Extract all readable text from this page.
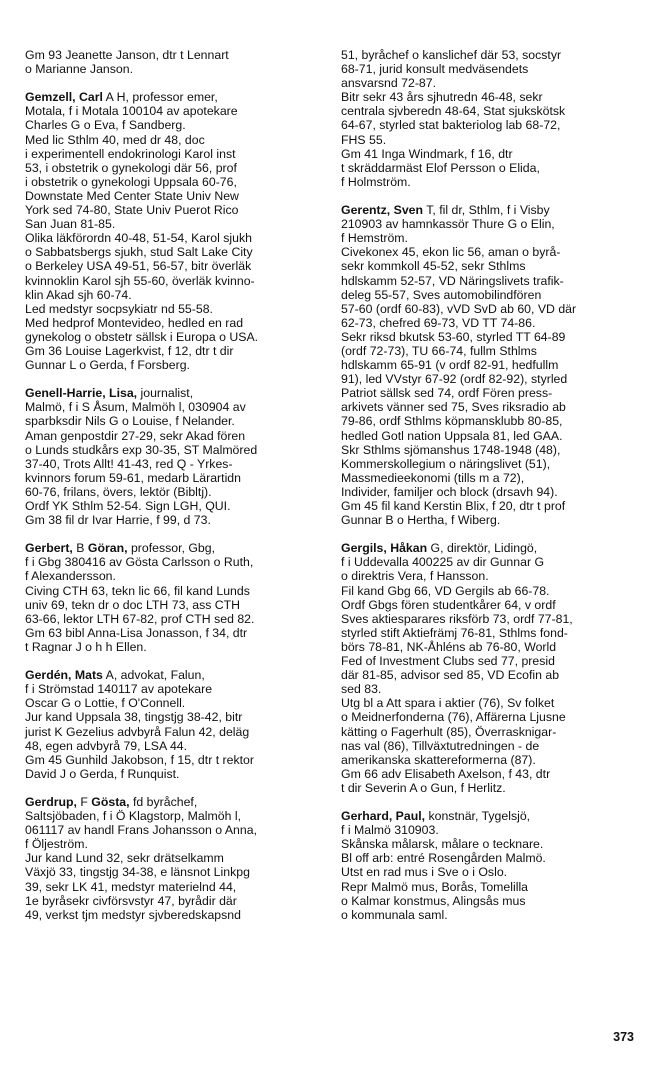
Gm 93 Jeanette Janson, dtr t Lennart
o Marianne Janson.
Gemzell, Carl A H, professor emer,
Motala, f i Motala 100104 av apotekare
Charles G o Eva, f Sandberg.
Med lic Sthlm 40, med dr 48, doc
i experimentell endokrinologi Karol inst
53, i obstetrik o gynekologi där 56, prof
i obstetrik o gynekologi Uppsala 60-76,
Downstate Med Center State Univ New
York sed 74-80, State Univ Puerot Rico
San Juan 81-85.
Olika läkförordn 40-48, 51-54, Karol sjukh
o Sabbatsbergs sjukh, stud Salt Lake City
o Berkeley USA 49-51, 56-57, bitr överläk
kvinnoklin Karol sjh 55-60, överläk kvinno-
klin Akad sjh 60-74.
Led medstyr socpsykiatr nd 55-58.
Med hedprof Montevideo, hedled en rad
gynekolog o obstetr sällsk i Europa o USA.
Gm 36 Louise Lagerkvist, f 12, dtr t dir
Gunnar L o Gerda, f Forsberg.
Genell-Harrie, Lisa, journalist,
Malmö, f i S Åsum, Malmöh l, 030904 av
sparbksdir Nils G o Louise, f Nelander.
Aman genpostdir 27-29, sekr Akad fören
o Lunds studkårs exp 30-35, ST Malmöred
37-40, Trots Allt! 41-43, red Q - Yrkes-
kvinnors forum 59-61, medarb Lärartidn
60-76, frilans, övers, lektör (Bibltj).
Ordf YK Sthlm 52-54. Sign LGH, QUI.
Gm 38 fil dr Ivar Harrie, f 99, d 73.
Gerbert, B Göran, professor, Gbg,
f i Gbg 380416 av Gösta Carlsson o Ruth,
f Alexandersson.
Civing CTH 63, tekn lic 66, fil kand Lunds
univ 69, tekn dr o doc LTH 73, ass CTH
63-66, lektor LTH 67-82, prof CTH sed 82.
Gm 63 bibl Anna-Lisa Jonasson, f 34, dtr
t Ragnar J o h h Ellen.
Gerdén, Mats A, advokat, Falun,
f i Strömstad 140117 av apotekare
Oscar G o Lottie, f O'Connell.
Jur kand Uppsala 38, tingstjg 38-42, bitr
jurist K Gezelius advbyrå Falun 42, deläg
48, egen advbyrå 79, LSA 44.
Gm 45 Gunhild Jakobson, f 15, dtr t rektor
David J o Gerda, f Runquist.
Gerdrup, F Gösta, fd byråchef,
Saltsjöbaden, f i Ö Klagstorp, Malmöh l,
061117 av handl Frans Johansson o Anna,
f Öljeström.
Jur kand Lund 32, sekr drätselkamm
Växjö 33, tingstjg 34-38, e länsnot Linkpg
39, sekr LK 41, medstyr materielnd 44,
1e byråsekr civförsvstyr 47, byrådir där
49, verkst tjm medstyr sjvberedskapsnd
51, byråchef o kanslichef där 53, socstyr
68-71, jurid konsult medväsendets
ansvarsnd 72-87.
Bitr sekr 43 års sjhutredn 46-48, sekr
centrala sjvberedn 48-64, Stat sjukskötsk
64-67, styrled stat bakteriolog lab 68-72,
FHS 55.
Gm 41 Inga Windmark, f 16, dtr
t skräddarmäst Elof Persson o Elida,
f Holmström.
Gerentz, Sven T, fil dr, Sthlm, f i Visby
210903 av hamnkassör Thure G o Elin,
f Hemström.
Civekonex 45, ekon lic 56, aman o byrå-
sekr kommkoll 45-52, sekr Sthlms
hdlskamm 52-57, VD Näringslivets trafik-
deleg 55-57, Sves automobilindfören
57-60 (ordf 60-83), vVD SvD ab 60, VD där
62-73, chefred 69-73, VD TT 74-86.
Sekr riksd bkutsk 53-60, styrled TT 64-89
(ordf 72-73), TU 66-74, fullm Sthlms
hdlskamm 65-91 (v ordf 82-91, hedfullm
91), led VVstyr 67-92 (ordf 82-92), styrled
Patriot sällsk sed 74, ordf Fören press-
arkivets vänner sed 75, Sves riksradio ab
79-86, ordf Sthlms köpmansklubb 80-85,
hedled Gotl nation Uppsala 81, led GAA.
Skr Sthlms sjömanshus 1748-1948 (48),
Kommerskollegium o näringslivet (51),
Massmedieekonomi (tills m a 72),
Individer, familjer och block (drsavh 94).
Gm 45 fil kand Kerstin Blix, f 20, dtr t prof
Gunnar B o Hertha, f Wiberg.
Gergils, Håkan G, direktör, Lidingö,
f i Uddevalla 400225 av dir Gunnar G
o direktris Vera, f Hansson.
Fil kand Gbg 66, VD Gergils ab 66-78.
Ordf Gbgs fören studentkårer 64, v ordf
Sves aktiesparares riksförb 73, ordf 77-81,
styrled stift Aktiefrämj 76-81, Sthlms fond-
börs 78-81, NK-Åhléns ab 76-80, World
Fed of Investment Clubs sed 77, presid
där 81-85, advisor sed 85, VD Ecofin ab
sed 83.
Utg bl a Att spara i aktier (76), Sv folket
o Meidnerfonderna (76), Affärerna Ljusne
kätting o Fagerhult (85), Överrasknigar-
nas val (86), Tillväxtutredningen - de
amerikanska skattereformerna (87).
Gm 66 adv Elisabeth Axelson, f 43, dtr
t dir Severin A o Gun, f Herlitz.
Gerhard, Paul, konstnär, Tygelsjö,
f i Malmö 310903.
Skånska målarsk, målare o tecknare.
Bl off arb: entré Rosengården Malmö.
Utst en rad mus i Sve o i Oslo.
Repr Malmö mus, Borås, Tomelilla
o Kalmar konstmus, Alingsås mus
o kommunala saml.
373
